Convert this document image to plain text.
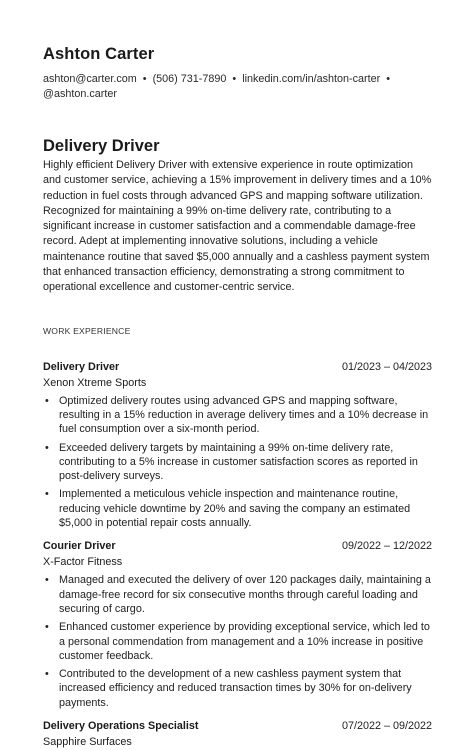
Ashton Carter
ashton@carter.com • (506) 731-7890 • linkedin.com/in/ashton-carter •
@ashton.carter
Delivery Driver
Highly efficient Delivery Driver with extensive experience in route optimization and customer service, achieving a 15% improvement in delivery times and a 10% reduction in fuel costs through advanced GPS and mapping software utilization. Recognized for maintaining a 99% on-time delivery rate, contributing to a significant increase in customer satisfaction and a commendable damage-free record. Adept at implementing innovative solutions, including a vehicle maintenance routine that saved $5,000 annually and a cashless payment system that enhanced transaction efficiency, demonstrating a strong commitment to operational excellence and customer-centric service.
WORK EXPERIENCE
Delivery Driver	01/2023 – 04/2023
Xenon Xtreme Sports
• Optimized delivery routes using advanced GPS and mapping software, resulting in a 15% reduction in average delivery times and a 10% decrease in fuel consumption over a six-month period.
• Exceeded delivery targets by maintaining a 99% on-time delivery rate, contributing to a 5% increase in customer satisfaction scores as reported in post-delivery surveys.
• Implemented a meticulous vehicle inspection and maintenance routine, reducing vehicle downtime by 20% and saving the company an estimated $5,000 in potential repair costs annually.
Courier Driver	09/2022 – 12/2022
X-Factor Fitness
• Managed and executed the delivery of over 120 packages daily, maintaining a damage-free record for six consecutive months through careful loading and securing of cargo.
• Enhanced customer experience by providing exceptional service, which led to a personal commendation from management and a 10% increase in positive customer feedback.
• Contributed to the development of a new cashless payment system that increased efficiency and reduced transaction times by 30% for on-delivery payments.
Delivery Operations Specialist	07/2022 – 09/2022
Sapphire Surfaces
